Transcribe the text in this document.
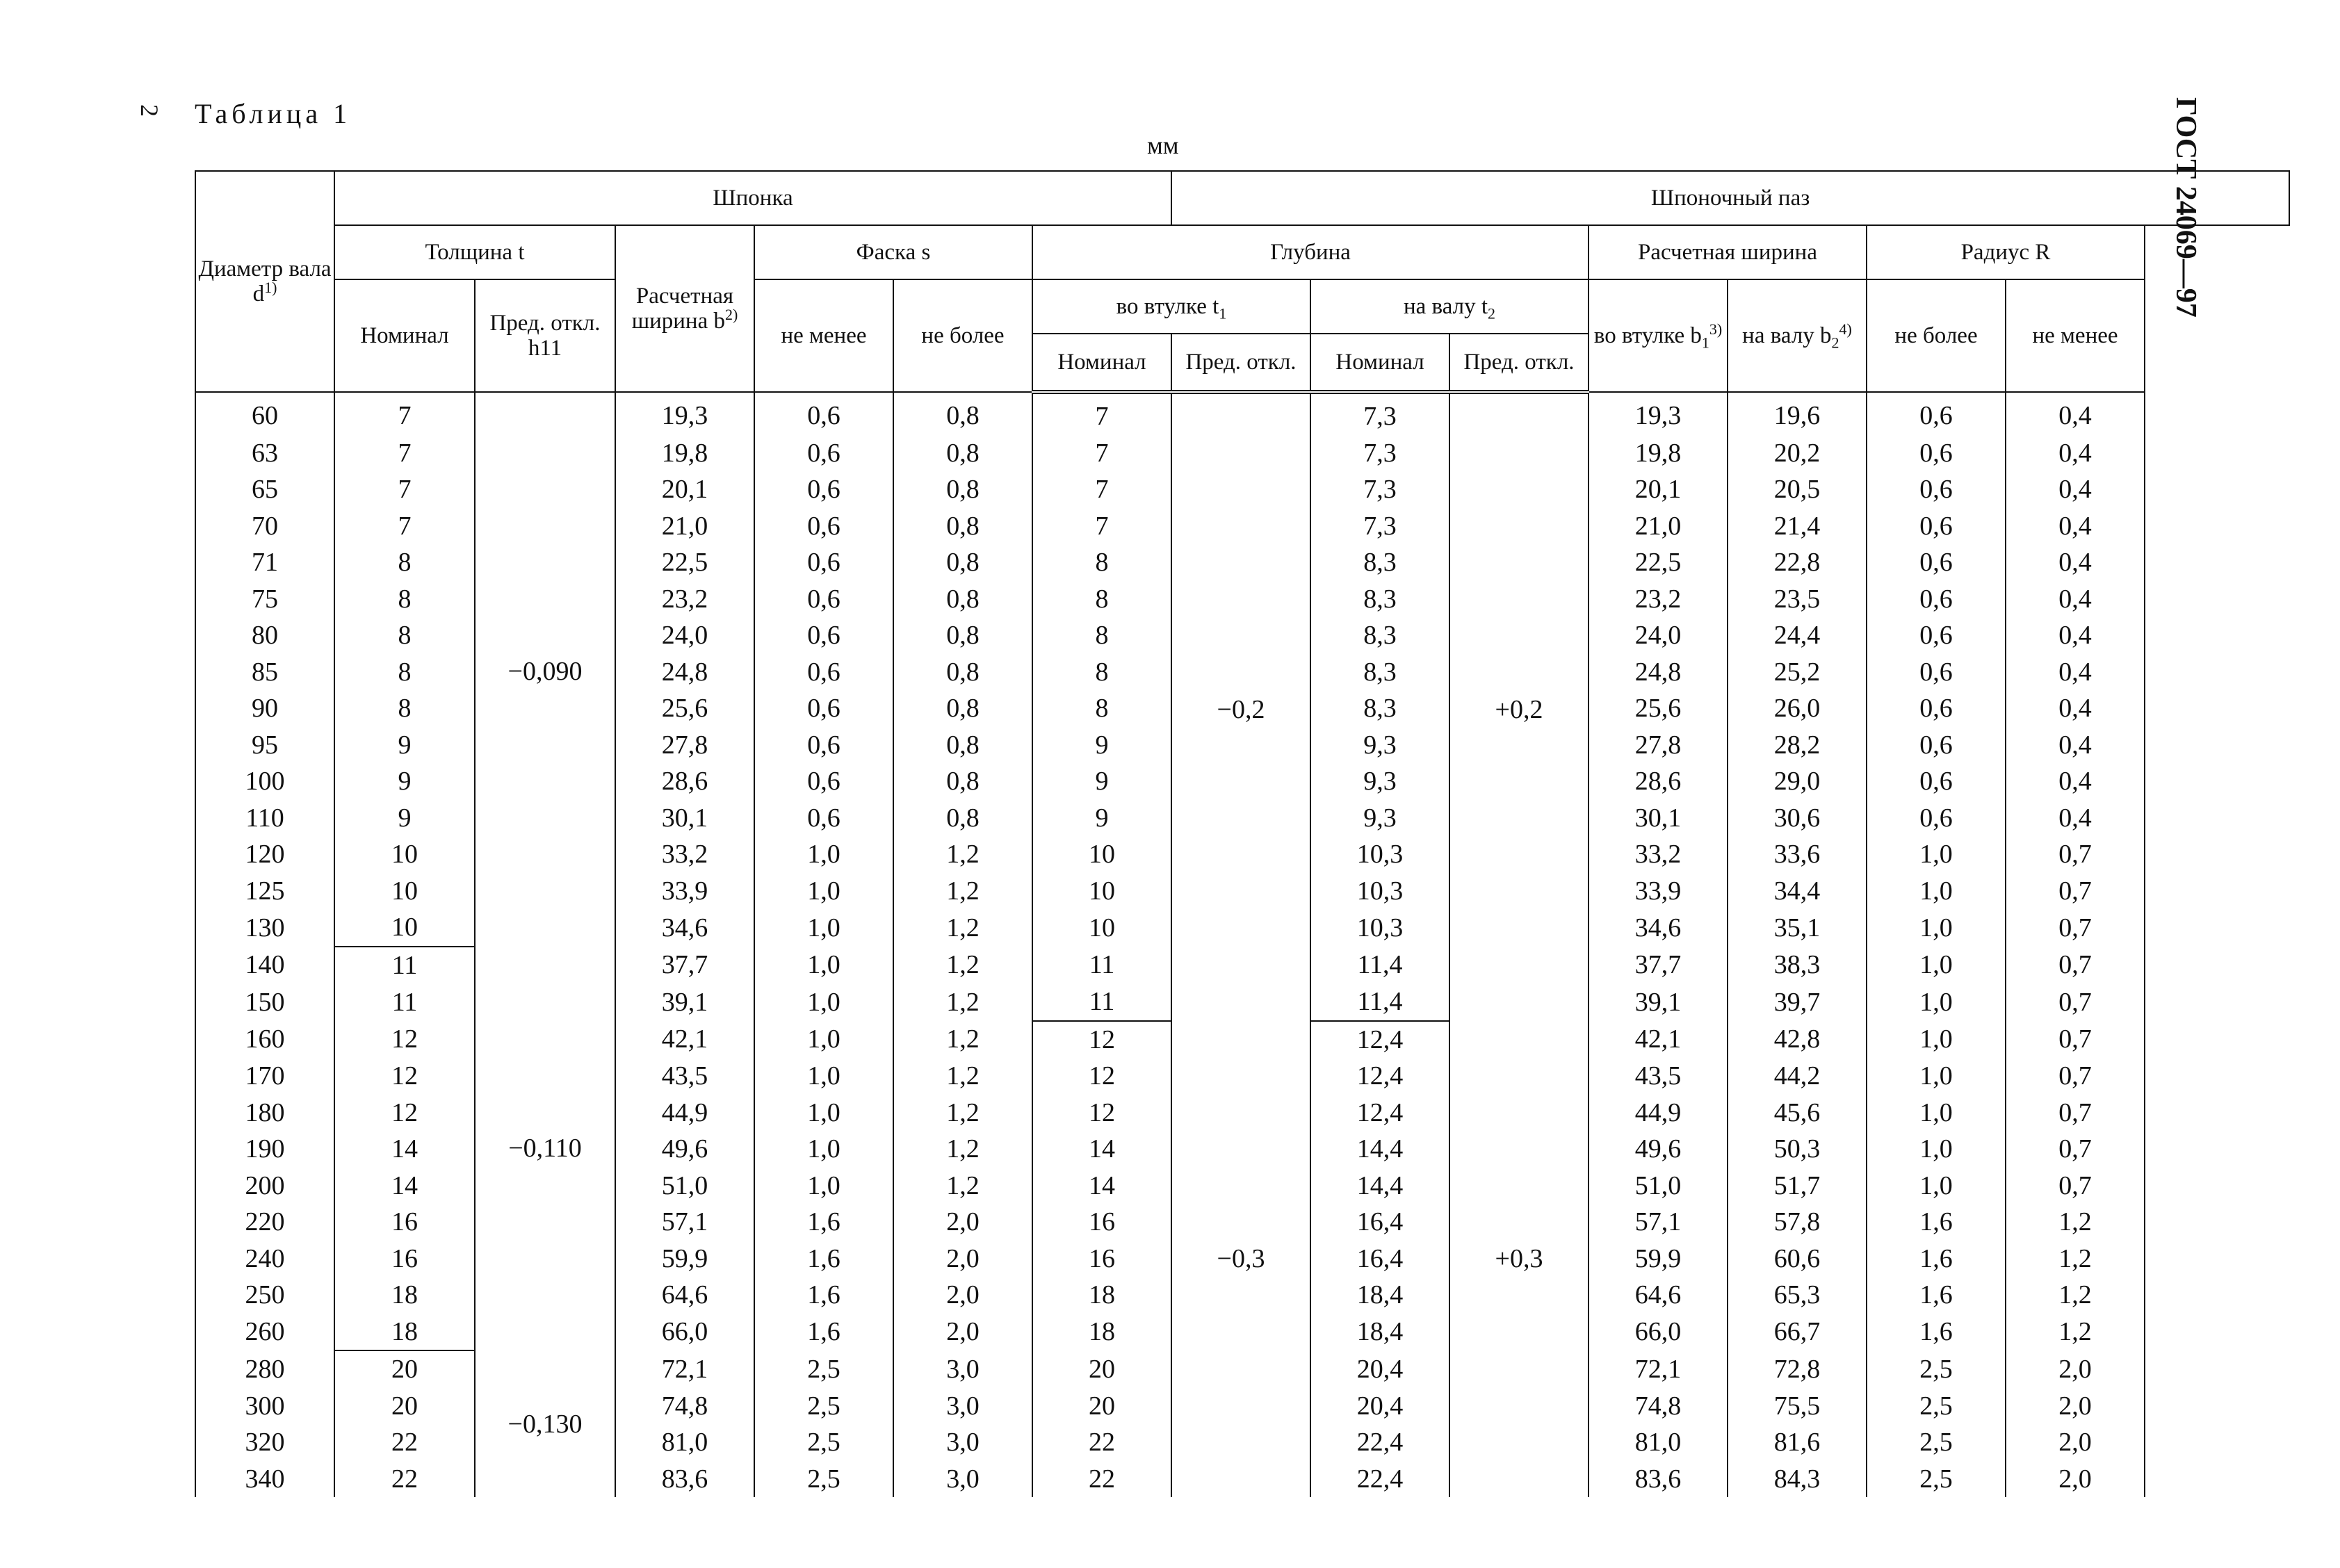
2 Таблица 1
мм	ГОСТ 24069—97
Диаметр вала $d^{1)}$	Шпонка						Шпоночный паз						
	Толщина t		Расчетная ширина $b^{2)}$	Фаска s		Глубина				Расчетная ширина		Радиус R	
	Номинал	Пред. откл. h11		не менее	не более	во втулке $t_1$		на валу $t_2$		во втулке $b_1^{3)}$	на валу $b_2^{4)}$	не более	не менее
						Номинал	Пред. откл.	Номинал	Пред. откл.				
60	7	−0,090	19,3	0,6	0,8	7	−0,2	7,3	+0,2	19,3	19,6	0,6	0,4
63	7		19,8	0,6	0,8	7		7,3		19,8	20,2	0,6	0,4
65	7		20,1	0,6	0,8	7		7,3		20,1	20,5	0,6	0,4
70	7		21,0	0,6	0,8	7		7,3		21,0	21,4	0,6	0,4
71	8		22,5	0,6	0,8	8		8,3		22,5	22,8	0,6	0,4
75	8		23,2	0,6	0,8	8		8,3		23,2	23,5	0,6	0,4
80	8		24,0	0,6	0,8	8		8,3		24,0	24,4	0,6	0,4
85	8		24,8	0,6	0,8	8		8,3		24,8	25,2	0,6	0,4
90	8		25,6	0,6	0,8	8		8,3		25,6	26,0	0,6	0,4
95	9		27,8	0,6	0,8	9		9,3		27,8	28,2	0,6	0,4
100	9		28,6	0,6	0,8	9		9,3		28,6	29,0	0,6	0,4
110	9		30,1	0,6	0,8	9		9,3		30,1	30,6	0,6	0,4
120	10		33,2	1,0	1,2	10		10,3		33,2	33,6	1,0	0,7
125	10		33,9	1,0	1,2	10		10,3		33,9	34,4	1,0	0,7
130	10		34,6	1,0	1,2	10		10,3		34,6	35,1	1,0	0,7
140	11	−0,110	37,7	1,0	1,2	11		11,4		37,7	38,3	1,0	0,7
150	11		39,1	1,0	1,2	11		11,4		39,1	39,7	1,0	0,7
160	12		42,1	1,0	1,2	12	−0,3	12,4	+0,3	42,1	42,8	1,0	0,7
170	12		43,5	1,0	1,2	12		12,4		43,5	44,2	1,0	0,7
180	12		44,9	1,0	1,2	12		12,4		44,9	45,6	1,0	0,7
190	14		49,6	1,0	1,2	14		14,4		49,6	50,3	1,0	0,7
200	14		51,0	1,0	1,2	14		14,4		51,0	51,7	1,0	0,7
220	16		57,1	1,6	2,0	16		16,4		57,1	57,8	1,6	1,2
240	16		59,9	1,6	2,0	16		16,4		59,9	60,6	1,6	1,2
250	18		64,6	1,6	2,0	18		18,4		64,6	65,3	1,6	1,2
260	18		66,0	1,6	2,0	18		18,4		66,0	66,7	1,6	1,2
280	20	−0,130	72,1	2,5	3,0	20		20,4		72,1	72,8	2,5	2,0
300	20		74,8	2,5	3,0	20		20,4		74,8	75,5	2,5	2,0
320	22		81,0	2,5	3,0	22		22,4		81,0	81,6	2,5	2,0
340	22		83,6	2,5	3,0	22		22,4		83,6	84,3	2,5	2,0
